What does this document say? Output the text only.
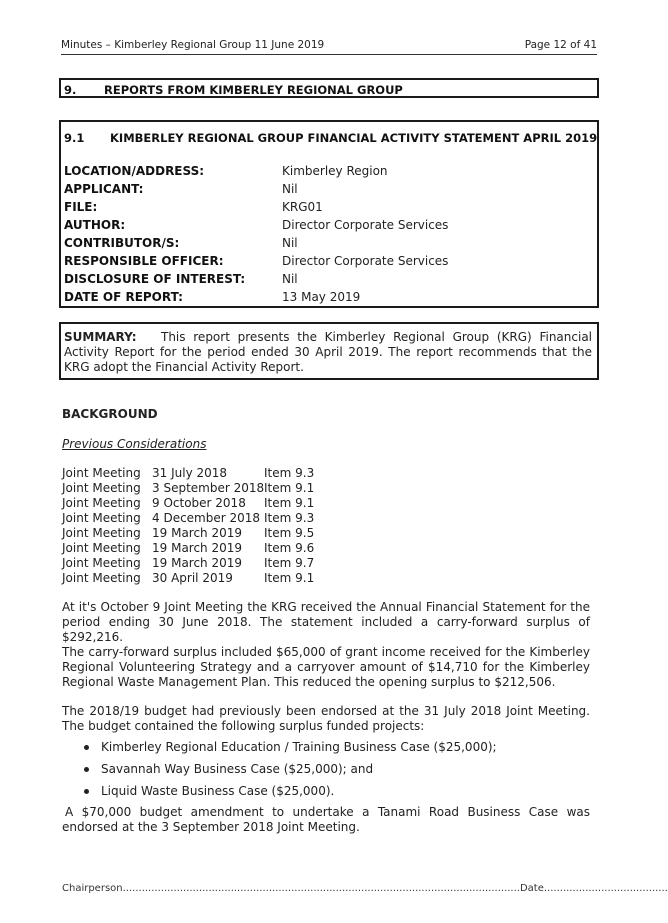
Minutes – Kimberley Regional Group 11 June 2019	Page 12 of 41
9. REPORTS FROM KIMBERLEY REGIONAL GROUP
9.1 KIMBERLEY REGIONAL GROUP FINANCIAL ACTIVITY STATEMENT APRIL 2019
LOCATION/ADDRESS:	Kimberley Region
APPLICANT:	Nil
FILE:	KRG01
AUTHOR:	Director Corporate Services
CONTRIBUTOR/S:	Nil
RESPONSIBLE OFFICER:	Director Corporate Services
DISCLOSURE OF INTEREST:	Nil
DATE OF REPORT:	13 May 2019

SUMMARY: This report presents the Kimberley Regional Group (KRG) Financial Activity Report for the period ended 30 April 2019. The report recommends that the KRG adopt the Financial Activity Report.

BACKGROUND
Previous Considerations
Joint Meeting 31 July 2018	Item 9.3
Joint Meeting 3 September 2018 Item 9.1
Joint Meeting 9 October 2018 Item 9.1
Joint Meeting 4 December 2018 Item 9.3
Joint Meeting 19 March 2019 Item 9.5
Joint Meeting 19 March 2019 Item 9.6
Joint Meeting 19 March 2019 Item 9.7
Joint Meeting 30 April 2019	Item 9.1

At it's October 9 Joint Meeting the KRG received the Annual Financial Statement for the period ending 30 June 2018. The statement included a carry-forward surplus of $292,216.

The carry-forward surplus included $65,000 of grant income received for the Kimberley Regional Volunteering Strategy and a carryover amount of $14,710 for the Kimberley Regional Waste Management Plan. This reduced the opening surplus to $212,506.

The 2018/19 budget had previously been endorsed at the 31 July 2018 Joint Meeting. The budget contained the following surplus funded projects:

Kimberley Regional Education / Training Business Case ($25,000);
Savannah Way Business Case ($25,000); and
Liquid Waste Business Case ($25,000).

A $70,000 budget amendment to undertake a Tanami Road Business Case was endorsed at the 3 September 2018 Joint Meeting.

Chairperson.............................................................................................................................Date.......................................
